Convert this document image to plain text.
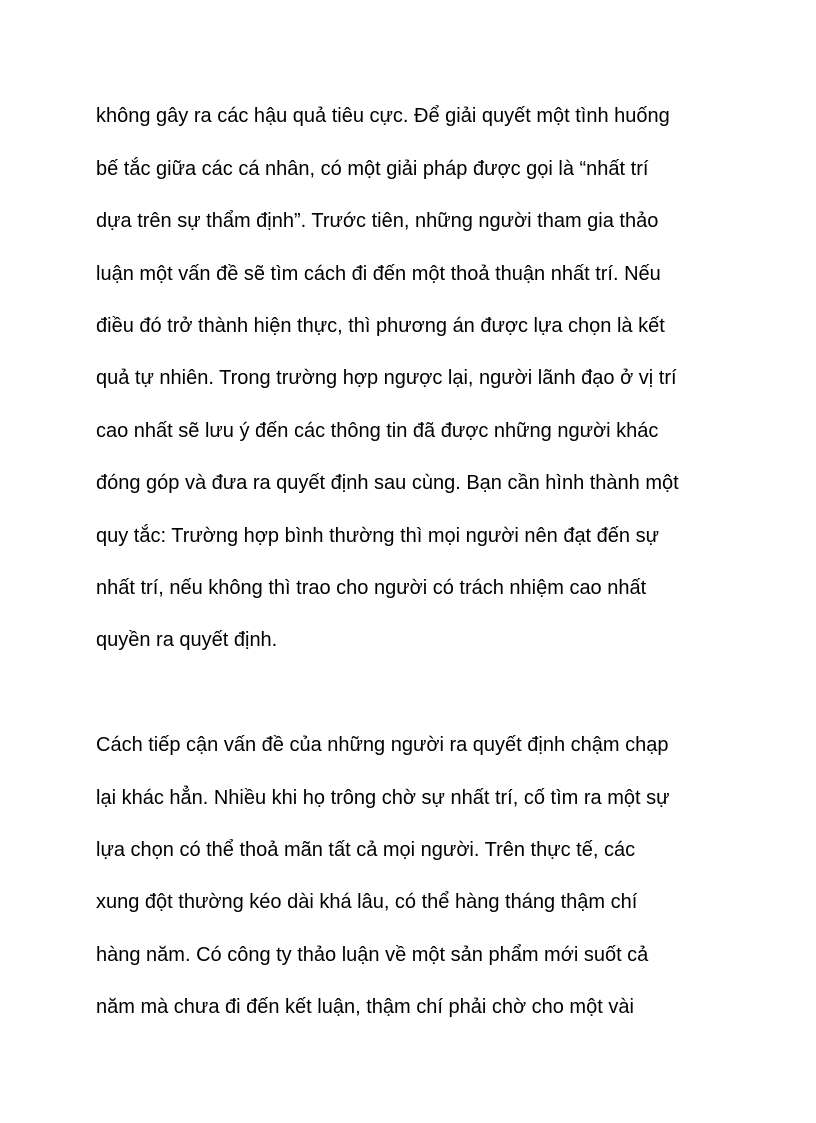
không gây ra các hậu quả tiêu cực. Để giải quyết một tình huống
bế tắc giữa các cá nhân, có một giải pháp được gọi là “nhất trí
dựa trên sự thẩm định”. Trước tiên, những người tham gia thảo
luận một vấn đề sẽ tìm cách đi đến một thoả thuận nhất trí. Nếu
điều đó trở thành hiện thực, thì phương án được lựa chọn là kết
quả tự nhiên. Trong trường hợp ngược lại, người lãnh đạo ở vị trí
cao nhất sẽ lưu ý đến các thông tin đã được những người khác
đóng góp và đưa ra quyết định sau cùng. Bạn cần hình thành một
quy tắc: Trường hợp bình thường thì mọi người nên đạt đến sự
nhất trí, nếu không thì trao cho người có trách nhiệm cao nhất
quyền ra quyết định.
Cách tiếp cận vấn đề của những người ra quyết định chậm chạp
lại khác hẳn. Nhiều khi họ trông chờ sự nhất trí, cố tìm ra một sự
lựa chọn có thể thoả mãn tất cả mọi người. Trên thực tế, các
xung đột thường kéo dài khá lâu, có thể hàng tháng thậm chí
hàng năm. Có công ty thảo luận về một sản phẩm mới suốt cả
năm mà chưa đi đến kết luận, thậm chí phải chờ cho một vài
